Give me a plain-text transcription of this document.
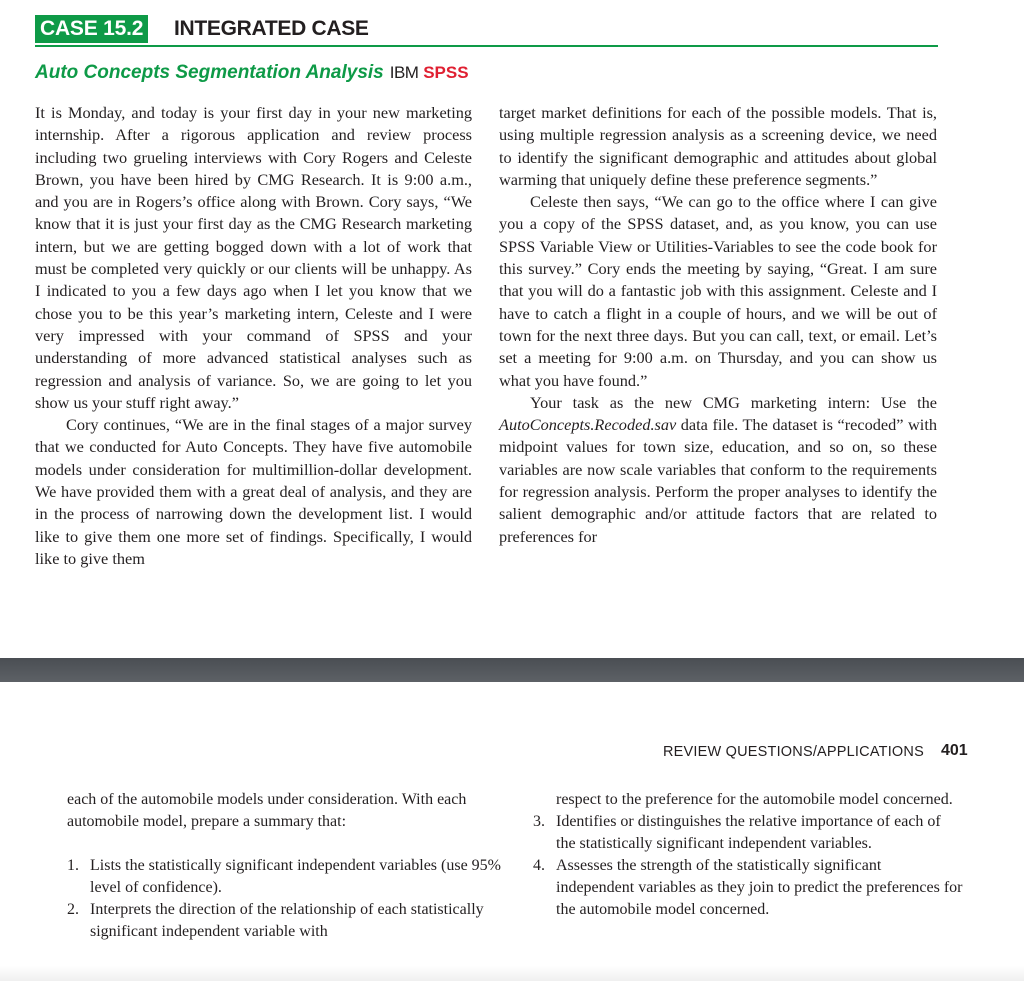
CASE 15.2 INTEGRATED CASE
Auto Concepts Segmentation Analysis IBM SPSS

It is Monday, and today is your first day in your new marketing internship. After a rigorous application and review process including two grueling interviews with Cory Rogers and Celeste Brown, you have been hired by CMG Research. It is 9:00 a.m., and you are in Rogers’s office along with Brown. Cory says, “We know that it is just your first day as the CMG Research marketing intern, but we are getting bogged down with a lot of work that must be completed very quickly or our clients will be unhappy. As I indicated to you a few days ago when I let you know that we chose you to be this year’s marketing intern, Celeste and I were very impressed with your command of SPSS and your understanding of more advanced statistical analyses such as regression and analysis of variance. So, we are going to let you show us your stuff right away.”

Cory continues, “We are in the final stages of a major survey that we conducted for Auto Concepts. They have five automobile models under consideration for multimillion-dollar development. We have provided them with a great deal of analysis, and they are in the process of narrowing down the development list. I would like to give them one more set of findings. Specifically, I would like to give them

target market definitions for each of the possible models. That is, using multiple regression analysis as a screening device, we need to identify the significant demographic and attitudes about global warming that uniquely define these preference segments.”

Celeste then says, “We can go to the office where I can give you a copy of the SPSS dataset, and, as you know, you can use SPSS Variable View or Utilities-Variables to see the code book for this survey.” Cory ends the meeting by saying, “Great. I am sure that you will do a fantastic job with this assignment. Celeste and I have to catch a flight in a couple of hours, and we will be out of town for the next three days. But you can call, text, or email. Let’s set a meeting for 9:00 a.m. on Thursday, and you can show us what you have found.”

Your task as the new CMG marketing intern: Use the AutoConcepts.Recoded.sav data file. The dataset is “recoded” with midpoint values for town size, education, and so on, so these variables are now scale variables that conform to the requirements for regression analysis. Perform the proper analyses to identify the salient demographic and/or attitude factors that are related to preferences for

REVIEW QUESTIONS/APPLICATIONS 401

each of the automobile models under consideration. With each automobile model, prepare a summary that:

1. Lists the statistically significant independent variables (use 95% level of confidence).
2. Interprets the direction of the relationship of each statistically significant independent variable with
respect to the preference for the automobile model concerned.
3. Identifies or distinguishes the relative importance of each of the statistically significant independent variables.
4. Assesses the strength of the statistically significant independent variables as they join to predict the preferences for the automobile model concerned.
